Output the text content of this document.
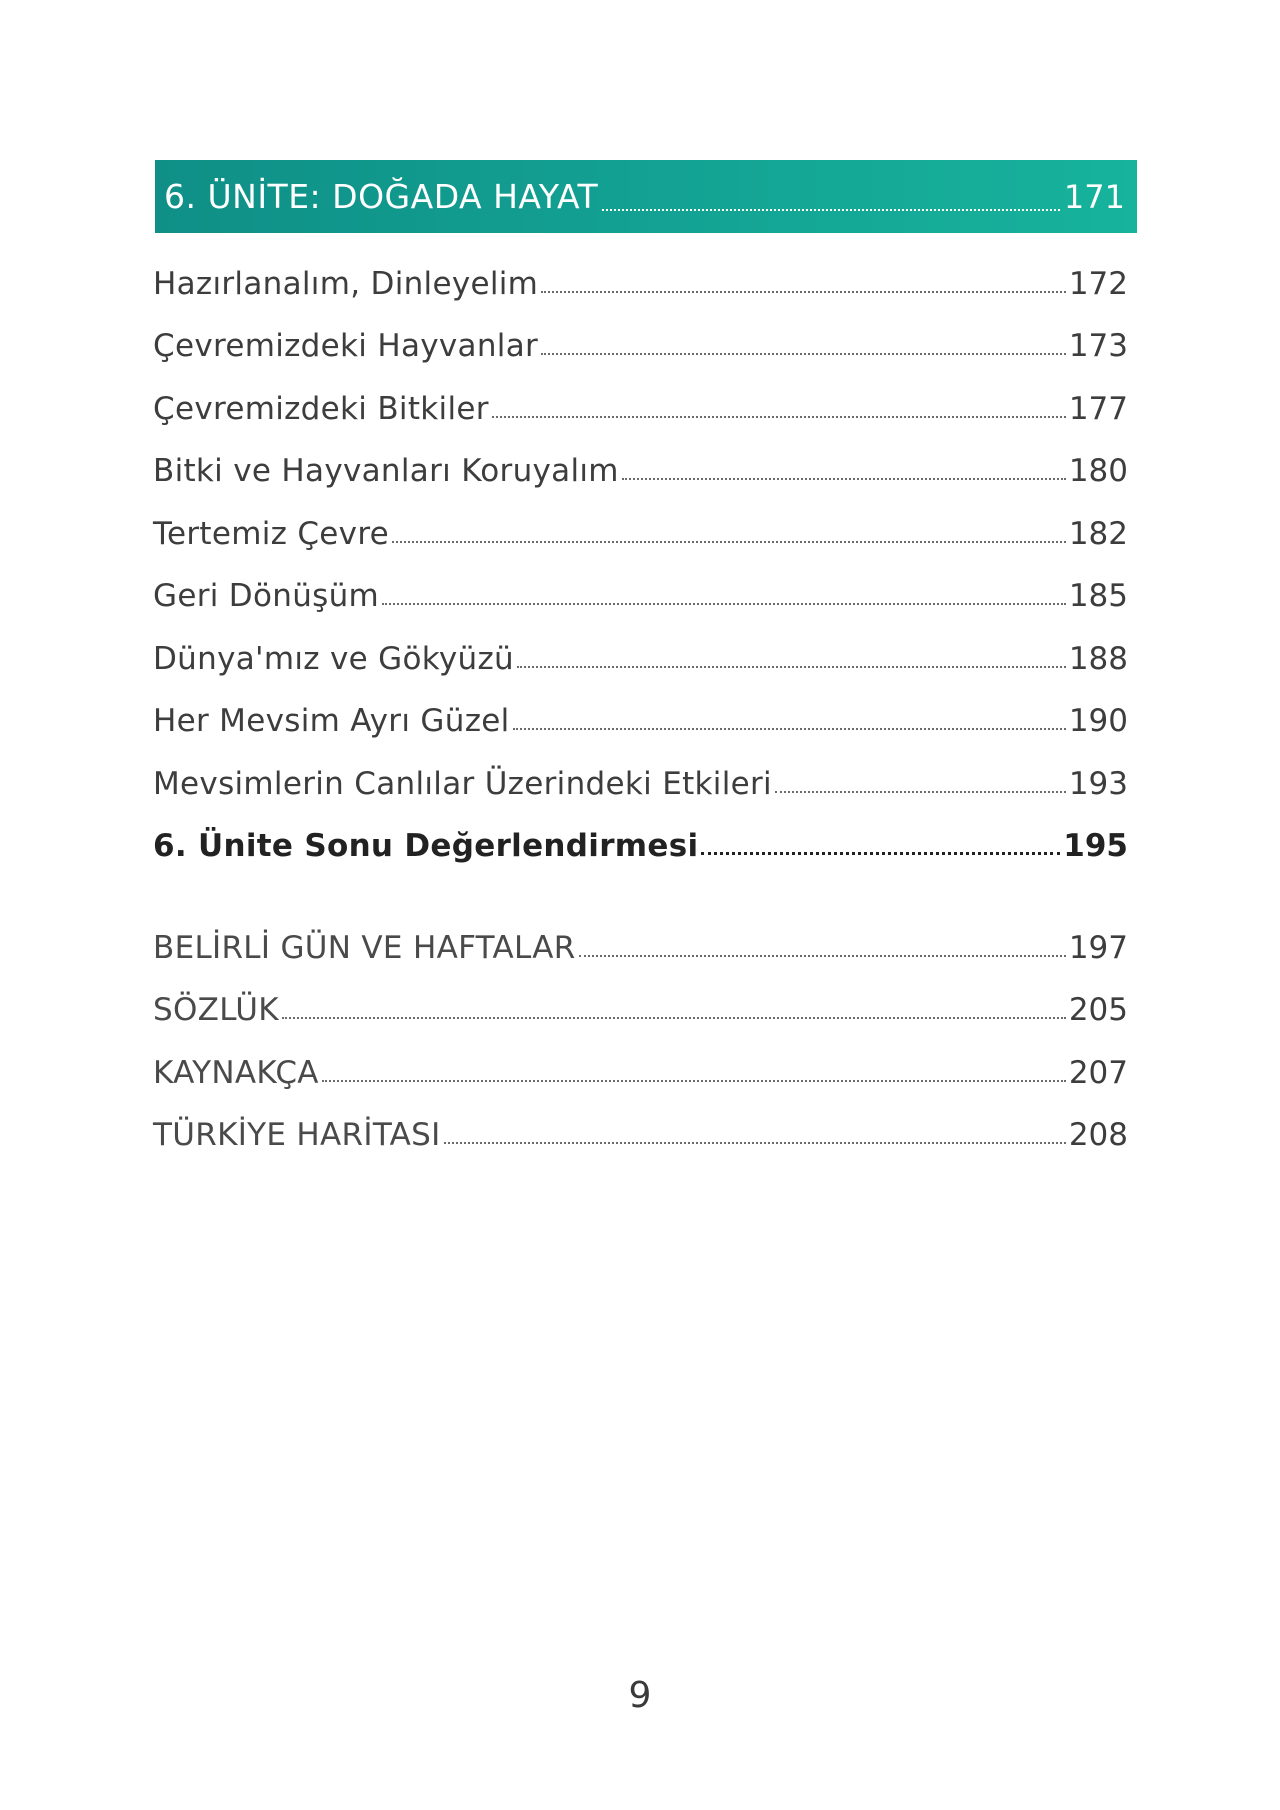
6. ÜNİTE: DOĞADA HAYAT	171
Hazırlanalım, Dinleyelim	172
Çevremizdeki Hayvanlar	173
Çevremizdeki Bitkiler	177
Bitki ve Hayvanları Koruyalım	180
Tertemiz Çevre	182
Geri Dönüşüm	185
Dünya'mız ve Gökyüzü	188
Her Mevsim Ayrı Güzel	190
Mevsimlerin Canlılar Üzerindeki Etkileri	193
6. Ünite Sonu Değerlendirmesi	195
BELİRLİ GÜN VE HAFTALAR	197
SÖZLÜK	205
KAYNAKÇA	207
TÜRKİYE HARİTASI	208
9
